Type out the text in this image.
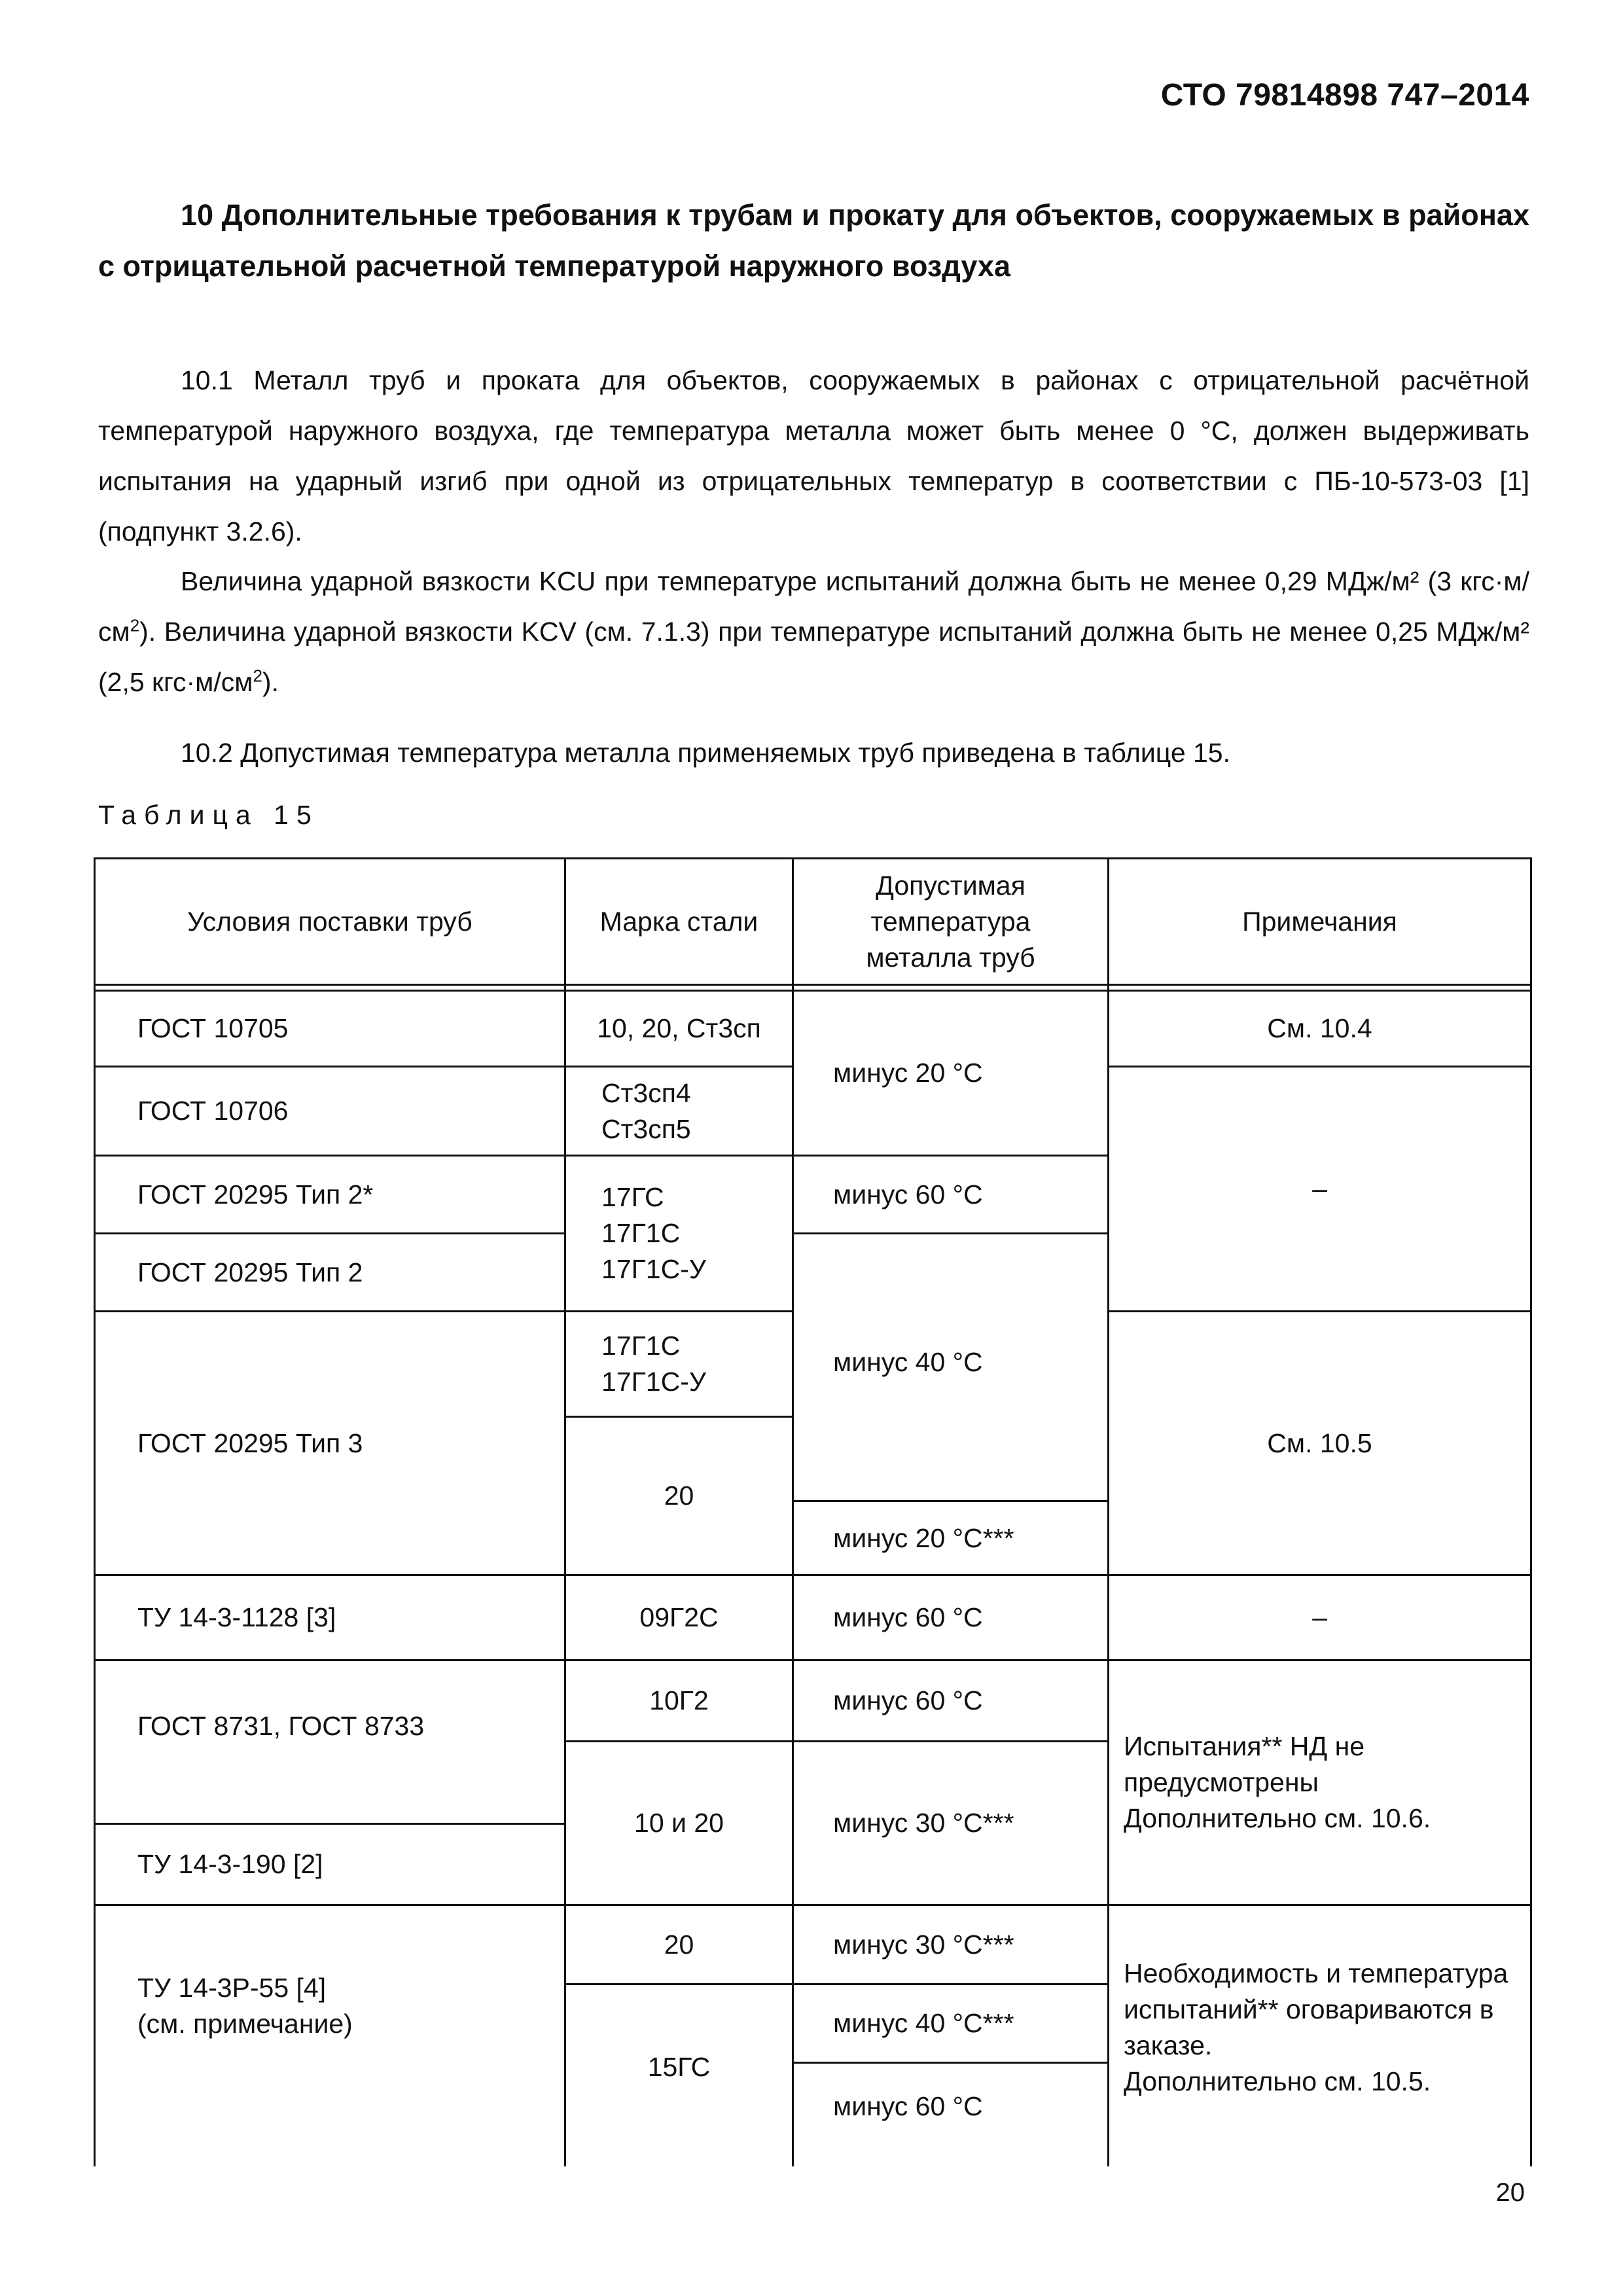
СТО 79814898 747–2014

10 Дополнительные требования к трубам и прокату для объектов, сооружаемых в районах с отрицательной расчетной температурой наружного воздуха

10.1 Металл труб и проката для объектов, сооружаемых в районах с отрицательной расчётной температурой наружного воздуха, где температура металла может быть менее 0 °С, должен выдерживать испытания на ударный изгиб при одной из отрицательных температур в соответствии с ПБ-10-573-03 [1] (подпункт 3.2.6).

Величина ударной вязкости KCU при температуре испытаний должна быть не менее 0,29 МДж/м² (3 $кгс\cdot м/см^2$). Величина ударной вязкости KCV (см. 7.1.3) при температуре испытаний должна быть не менее 0,25 МДж/м² (2,5 $кгс\cdot м/см^2$).

10.2 Допустимая температура металла применяемых труб приведена в таблице 15.

Таблица 15
Условия поставки труб	Марка стали
Допустимая
температура
металла труб
Примечания
ГОСТ 10705
ГОСТ 10706
ГОСТ 20295 Тип 2*
ГОСТ 20295 Тип 2
ГОСТ 20295 Тип 3
ТУ 14-3-1128 [3]
ГОСТ 8731, ГОСТ 8733
ТУ 14-3-190 [2]
ТУ 14-3Р-55 [4]
(см. примечание)
10, 20, Ст3сп
Ст3сп4
Ст3сп5
17ГС
17Г1С
17Г1С-У
17Г1С
17Г1С-У
20
09Г2С
10Г2
10 и 20
20
15ГС
минус 20 °С
минус 60 °С
минус 40 °С
минус 20 °С***
минус 60 °С
минус 60 °С
минус 30 °С***
минус 30 °С***
минус 40 °С***
минус 60 °С
См. 10.4
–
См. 10.5
–
Испытания** НД не предусмотрены
Дополнительно см. 10.6.
Необходимость и температура испытаний** оговариваются в заказе.
Дополнительно см. 10.5.
20
